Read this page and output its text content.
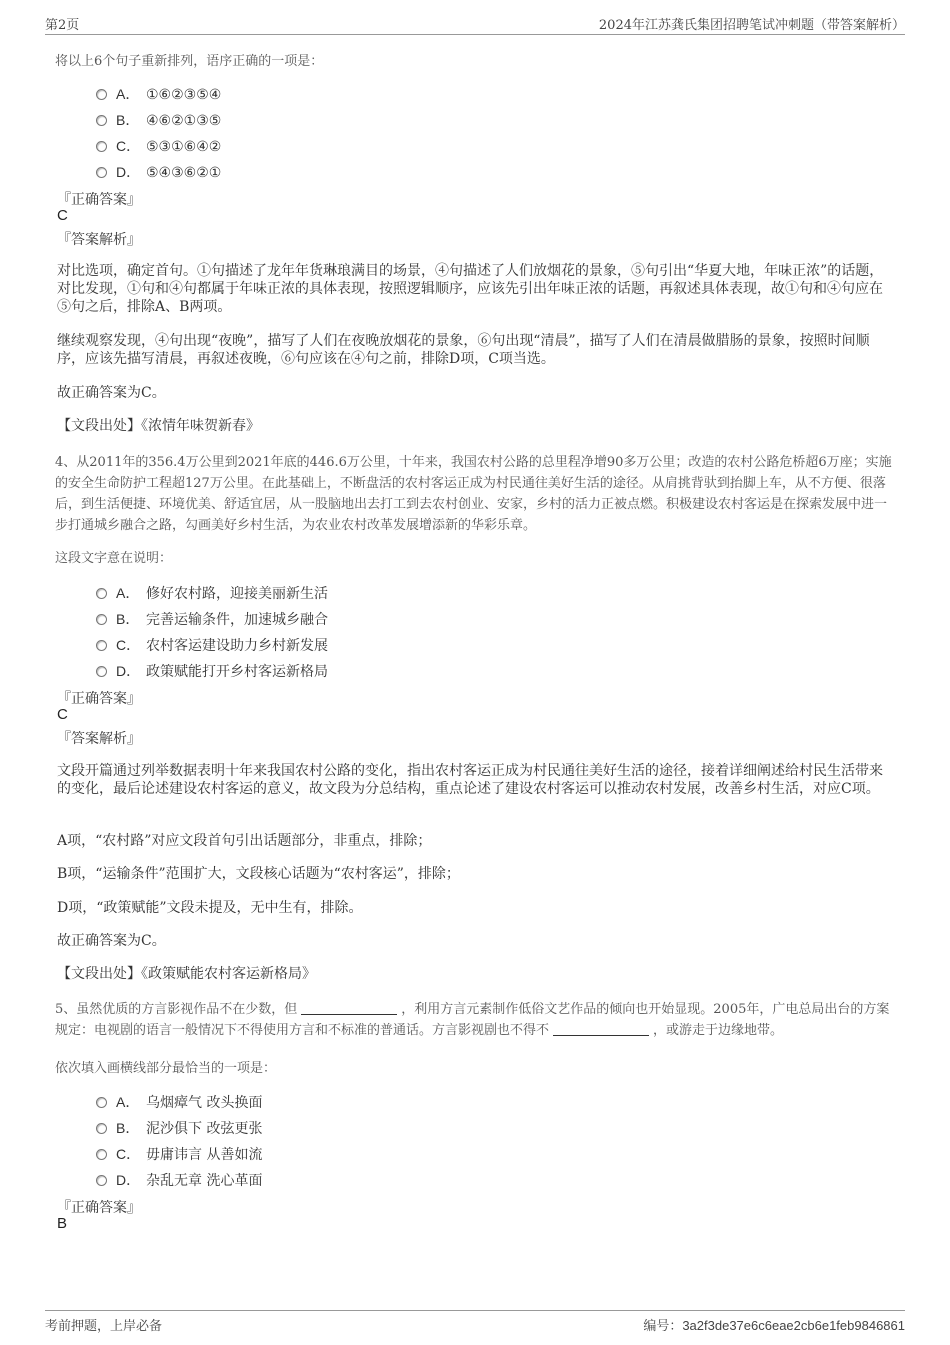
第2页	2024年江苏龚氏集团招聘笔试冲刺题（带答案解析）
将以上6个句子重新排列，语序正确的一项是：
A． ①⑥②③⑤④
B． ④⑥②①③⑤
C． ⑤③①⑥④②
D． ⑤④③⑥②①
『正确答案』
C
『答案解析』
对比选项，确定首句。①句描述了龙年年货琳琅满目的场景，④句描述了人们放烟花的景象，⑤句引出“华夏大地，年味正浓”的话题，对比发现，①句和④句都属于年味正浓的具体表现，按照逻辑顺序，应该先引出年味正浓的话题，再叙述具体表现，故①句和④句应在⑤句之后，排除A、B两项。
继续观察发现，④句出现“夜晚”，描写了人们在夜晚放烟花的景象，⑥句出现“清晨”，描写了人们在清晨做腊肠的景象，按照时间顺序，应该先描写清晨，再叙述夜晚，⑥句应该在④句之前，排除D项，C项当选。
故正确答案为C。
【文段出处】《浓情年味贺新春》
4、从2011年的356.4万公里到2021年底的446.6万公里，十年来，我国农村公路的总里程净增90多万公里；改造的农村公路危桥超6万座；实施的安全生命防护工程超127万公里。在此基础上，不断盘活的农村客运正成为村民通往美好生活的途径。从肩挑背驮到抬脚上车，从不方便、很落后，到生活便捷、环境优美、舒适宜居，从一股脑地出去打工到去农村创业、安家，乡村的活力正被点燃。积极建设农村客运是在探索发展中进一步打通城乡融合之路，勾画美好乡村生活，为农业农村改革发展增添新的华彩乐章。
这段文字意在说明：
A． 修好农村路，迎接美丽新生活
B． 完善运输条件，加速城乡融合
C． 农村客运建设助力乡村新发展
D． 政策赋能打开乡村客运新格局
『正确答案』
C
『答案解析』
文段开篇通过列举数据表明十年来我国农村公路的变化，指出农村客运正成为村民通往美好生活的途径，接着详细阐述给村民生活带来的变化，最后论述建设农村客运的意义，故文段为分总结构，重点论述了建设农村客运可以推动农村发展，改善乡村生活，对应C项。
A项，“农村路”对应文段首句引出话题部分，非重点，排除；
B项，“运输条件”范围扩大，文段核心话题为“农村客运”，排除；
D项，“政策赋能”文段未提及，无中生有，排除。
故正确答案为C。
【文段出处】《政策赋能农村客运新格局》
5、虽然优质的方言影视作品不在少数，但	，利用方言元素制作低俗文艺作品的倾向也开始显现。2005年，广电总局出台的方案规定：电视剧的语言一般情况下不得使用方言和不标准的普通话。方言影视剧也不得不	，或游走于边缘地带。
依次填入画横线部分最恰当的一项是：
A． 乌烟瘴气 改头换面
B． 泥沙俱下 改弦更张
C． 毋庸讳言 从善如流
D． 杂乱无章 洗心革面
『正确答案』
B
考前押题，上岸必备	编号：3a2f3de37e6c6eae2cb6e1feb9846861
